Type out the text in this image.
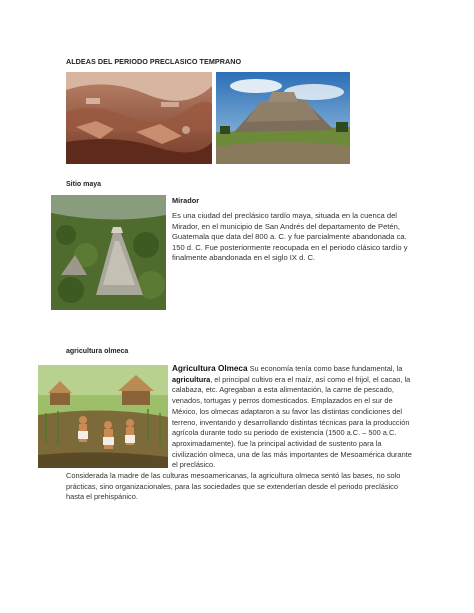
ALDEAS DEL PERIODO PRECLASICO TEMPRANO
Sitio maya
Mirador
Es una ciudad del preclásico tardío maya, situada en la cuenca del Mirador, en el municipio de San Andrés del departamento de Petén, Guatemala que data del 800 a. C. y fue parcialmente abandonada ca. 150 d. C. Fue posteriormente reocupada en el periodo clásico tardío y finalmente abandonada en el siglo IX d. C.
agricultura olmeca
Agricultura Olmeca Su economía tenía como base fundamental, la agricultura, el principal cultivo era el maíz, así como el frijol, el cacao, la calabaza, etc. Agregaban a esta alimentación, la carne de pescado, venados, tortugas y perros domesticados. Emplazados en el sur de México, los olmecas adaptaron a su favor las distintas condiciones del terreno, inventando y desarrollando distintas técnicas para la producción agrícola durante todo su periodo de existencia (1500 a.C. – 500 a.C. aproximadamente). fue la principal actividad de sustento para la civilización olmeca, una de las más importantes de Mesoamérica durante el preclásico.
Considerada la madre de las culturas mesoamericanas, la agricultura olmeca sentó las bases, no solo prácticas, sino organizacionales, para las sociedades que se extenderían desde el periodo preclásico hasta el prehispánico.
